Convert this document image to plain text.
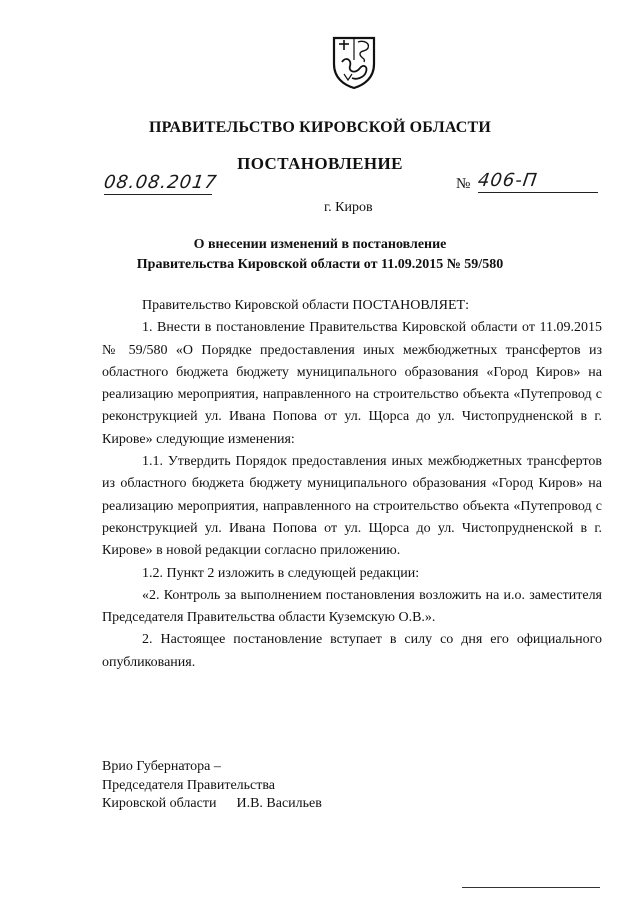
ПРАВИТЕЛЬСТВО КИРОВСКОЙ ОБЛАСТИ
ПОСТАНОВЛЕНИЕ
08.08.2017	№ 406-П
г. Киров
О внесении изменений в постановление
Правительства Кировской области от 11.09.2015 № 59/580

Правительство Кировской области ПОСТАНОВЛЯЕТ:

1. Внести в постановление Правительства Кировской области от 11.09.2015 № 59/580 «О Порядке предоставления иных межбюджетных трансфертов из областного бюджета бюджету муниципального образования «Город Киров» на реализацию мероприятия, направленного на строительство объекта «Путепровод с реконструкцией ул. Ивана Попова от ул. Щорса до ул. Чистопрудненской в г. Кирове» следующие изменения:

1.1. Утвердить Порядок предоставления иных межбюджетных трансфертов из областного бюджета бюджету муниципального образования «Город Киров» на реализацию мероприятия, направленного на строительство объекта «Путепровод с реконструкцией ул. Ивана Попова от ул. Щорса до ул. Чистопрудненской в г. Кирове» в новой редакции согласно приложению.

1.2. Пункт 2 изложить в следующей редакции:

«2. Контроль за выполнением постановления возложить на и.о. заместителя Председателя Правительства области Куземскую О.В.».

2. Настоящее постановление вступает в силу со дня его официального опубликования.

Врио Губернатора –
Председателя Правительства
Кировской области И.В. Васильев
